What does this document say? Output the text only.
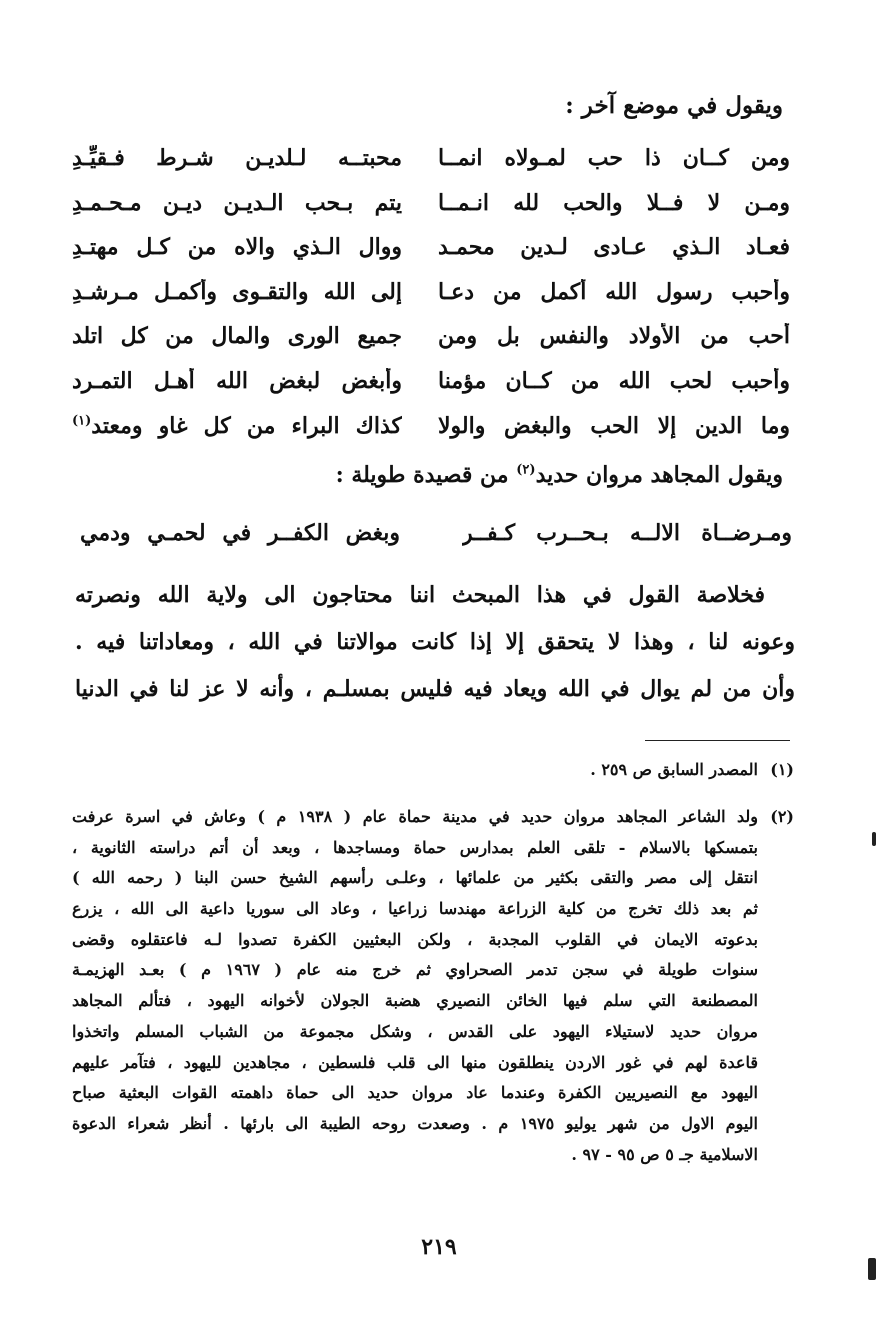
ويقول في موضع آخر :
ومن كــان ذا حب لمـولاه انمــا
محبتــه لـلديـن شـرط فـقيِّـدِ
ومـن لا فــلا والحب لله انـمــا
يتم بـحب الـديـن ديـن مـحـمـدِ
فعـاد الـذي عـادى لـدين محمـد
ووال الـذي والاه من كـل مهتـدِ
وأحبب رسول الله أكمل من دعـا
إلى الله والتقـوى وأكمـل مـرشـدِ
أحب من الأولاد والنفس بل ومن
جميع الورى والمال من كل اتلد
وأحبب لحب الله من كــان مؤمنا
وأبغض لبغض الله أهـل التمـرد
وما الدين إلا الحب والبغض والولا
كذاك البراء من كل غاو ومعتد$^{(١)}$
ويقول المجاهد مروان حديد$^{(٢)}$ من قصيدة طويلة :
ومـرضــاة الالــه بـحــرب كـفــر
وبغض الكفــر في لحمـي ودمي

فخلاصة القول في هذا المبحث اننا محتاجون الى ولاية الله ونصرته

وعونه لنا ، وهذا لا يتحقق إلا إذا كانت موالاتنا في الله ، ومعاداتنا فيه .

وأن من لم يوال في الله ويعاد فيه فليس بمسلـم ، وأنه لا عز لنا في الدنيا

(١)
المصدر السابق ص ٢٥٩ .
(٢)

ولد الشاعر المجاهد مروان حديد في مدينة حماة عام ( ١٩٣٨ م ) وعاش في اسرة عرفت

بتمسكها بالاسلام - تلقى العلم بمدارس حماة ومساجدها ، وبعد أن أتم دراسته الثانوية ،

انتقل إلى مصر والتقى بكثير من علمائها ، وعلـى رأسهم الشيخ حسن البنا ( رحمه الله )

ثم بعد ذلك تخرج من كلية الزراعة مهندسا زراعيا ، وعاد الى سوريا داعية الى الله ، يزرع

بدعوته الايمان في القلوب المجدبة ، ولكن البعثيين الكفرة تصدوا لـه فاعتقلوه وقضى

سنوات طويلة في سجن تدمر الصحراوي ثم خرج منه عام ( ١٩٦٧ م ) بعـد الهزيمـة

المصطنعة التي سلم فيها الخائن النصيري هضبة الجولان لأخوانه اليهود ، فتألم المجاهد

مروان حديد لاستيلاء اليهود على القدس ، وشكل مجموعة من الشباب المسلم واتخذوا

قاعدة لهم في غور الاردن ينطلقون منها الى قلب فلسطين ، مجاهدين لليهود ، فتآمر عليهم

اليهود مع النصيريين الكفرة وعندما عاد مروان حديد الى حماة داهمته القوات البعثية صباح

اليوم الاول من شهر يوليو ١٩٧٥ م . وصعدت روحه الطيبة الى بارئها . أنظر شعراء الدعوة

الاسلامية جـ ٥ ص ٩٥ - ٩٧ .

٢١٩
